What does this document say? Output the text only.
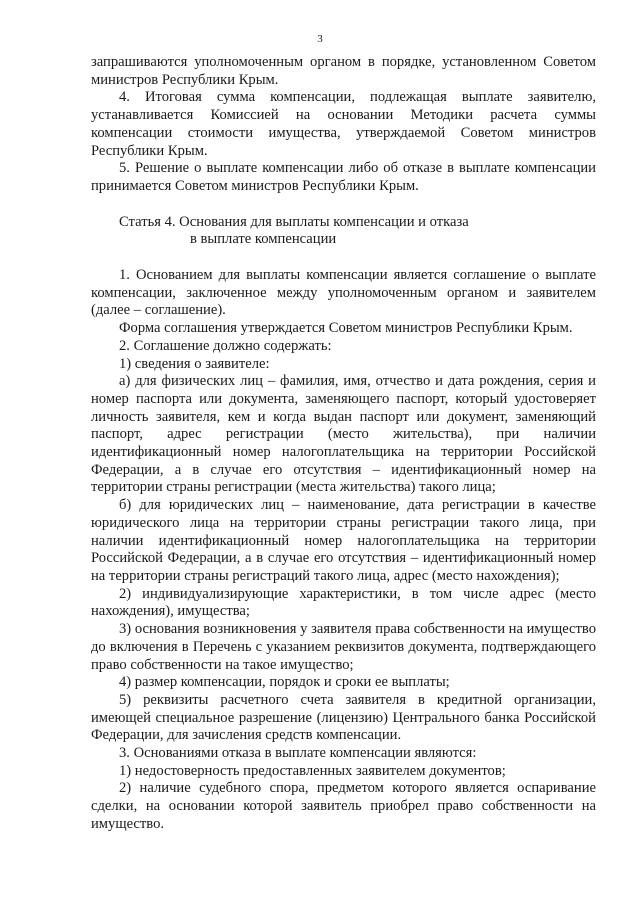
3

запрашиваются уполномоченным органом в порядке, установленном Советом министров Республики Крым.

4. Итоговая сумма компенсации, подлежащая выплате заявителю, устанавливается Комиссией на основании Методики расчета суммы компенсации стоимости имущества, утверждаемой Советом министров Республики Крым.

5. Решение о выплате компенсации либо об отказе в выплате компенсации принимается Советом министров Республики Крым.

Статья 4. Основания для выплаты компенсации и отказа
в выплате компенсации

1. Основанием для выплаты компенсации является соглашение о выплате компенсации, заключенное между уполномоченным органом и заявителем (далее – соглашение).

Форма соглашения утверждается Советом министров Республики Крым.

2. Соглашение должно содержать:

1) сведения о заявителе:

а) для физических лиц – фамилия, имя, отчество и дата рождения, серия и номер паспорта или документа, заменяющего паспорт, который удостоверяет личность заявителя, кем и когда выдан паспорт или документ, заменяющий паспорт, адрес регистрации (место жительства), при наличии идентификационный номер налогоплательщика на территории Российской Федерации, а в случае его отсутствия – идентификационный номер на территории страны регистрации (места жительства) такого лица;

б) для юридических лиц – наименование, дата регистрации в качестве юридического лица на территории страны регистрации такого лица, при наличии идентификационный номер налогоплательщика на территории Российской Федерации, а в случае его отсутствия – идентификационный номер на территории страны регистраций такого лица, адрес (место нахождения);

2) индивидуализирующие характеристики, в том числе адрес (место нахождения), имущества;

3) основания возникновения у заявителя права собственности на имущество до включения в Перечень с указанием реквизитов документа, подтверждающего право собственности на такое имущество;

4) размер компенсации, порядок и сроки ее выплаты;

5) реквизиты расчетного счета заявителя в кредитной организации, имеющей специальное разрешение (лицензию) Центрального банка Российской Федерации, для зачисления средств компенсации.

3. Основаниями отказа в выплате компенсации являются:

1) недостоверность предоставленных заявителем документов;

2) наличие судебного спора, предметом которого является оспаривание сделки, на основании которой заявитель приобрел право собственности на имущество.
